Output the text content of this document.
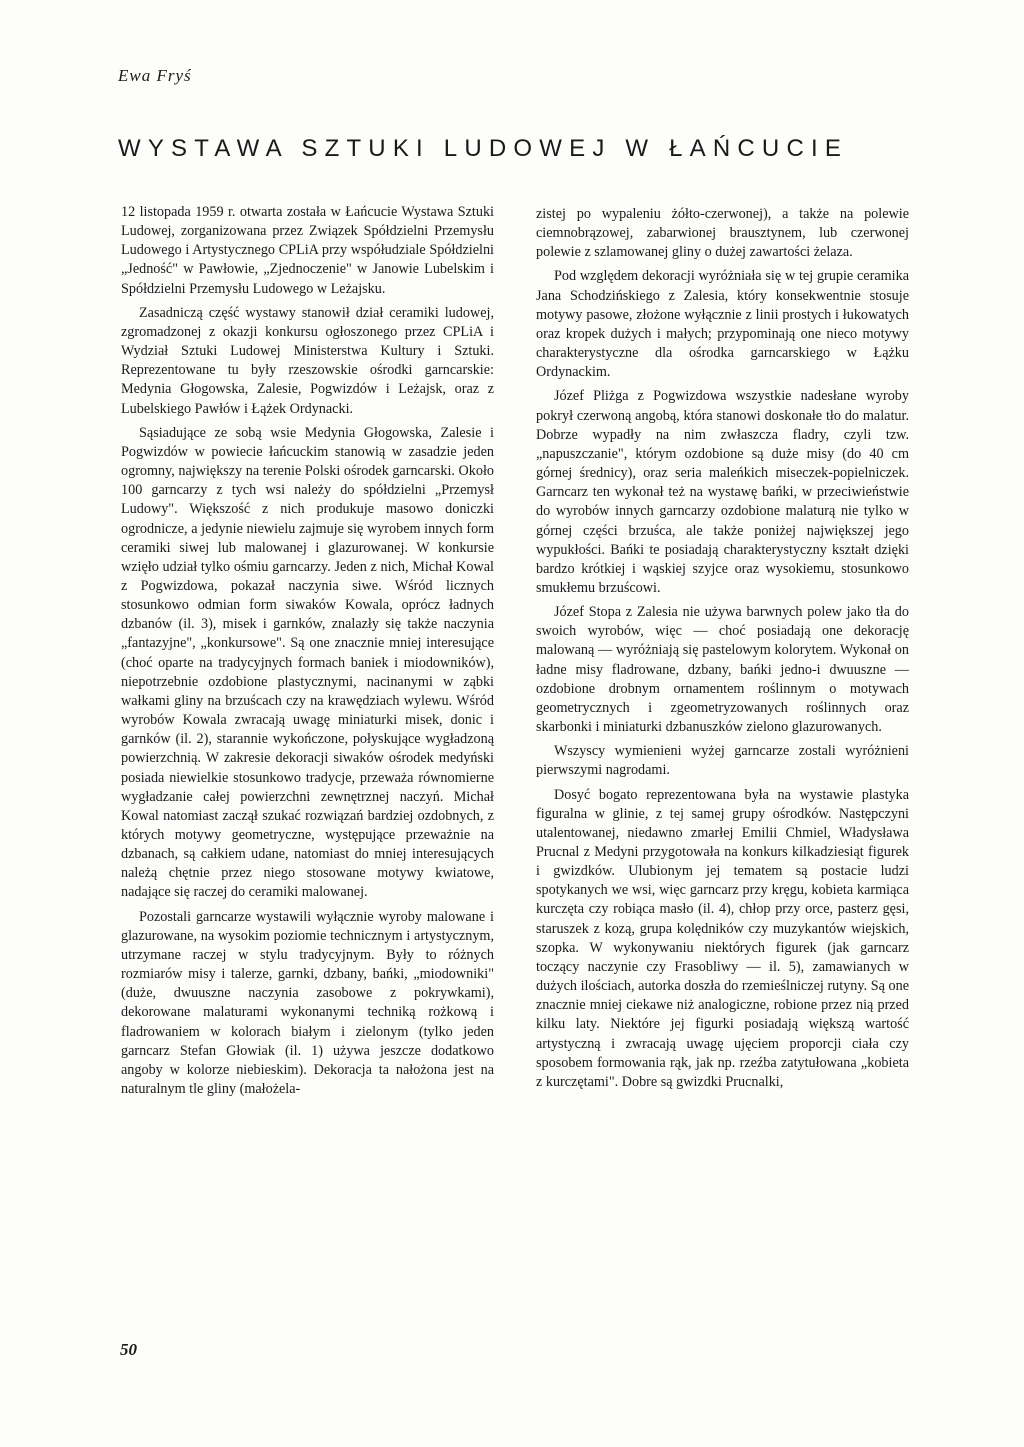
Ewa Fryś
WYSTAWA SZTUKI LUDOWEJ W ŁAŃCUCIE

12 listopada 1959 r. otwarta została w Łańcucie Wystawa Sztuki Ludowej, zorganizowana przez Związek Spółdzielni Przemysłu Ludowego i Artystycznego CPLiA przy współudziale Spółdzielni „Jedność" w Pawłowie, „Zjednoczenie" w Janowie Lubelskim i Spółdzielni Przemysłu Ludowego w Leżajsku.

Zasadniczą część wystawy stanowił dział ceramiki ludowej, zgromadzonej z okazji konkursu ogłoszonego przez CPLiA i Wydział Sztuki Ludowej Ministerstwa Kultury i Sztuki. Reprezentowane tu były rzeszowskie ośrodki garncarskie: Medynia Głogowska, Zalesie, Pogwizdów i Leżajsk, oraz z Lubelskiego Pawłów i Łążek Ordynacki.

Sąsiadujące ze sobą wsie Medynia Głogowska, Zalesie i Pogwizdów w powiecie łańcuckim stanowią w zasadzie jeden ogromny, największy na terenie Polski ośrodek garncarski. Około 100 garncarzy z tych wsi należy do spółdzielni „Przemysł Ludowy". Większość z nich produkuje masowo doniczki ogrodnicze, a jedynie niewielu zajmuje się wyrobem innych form ceramiki siwej lub malowanej i glazurowanej. W konkursie wzięło udział tylko ośmiu garncarzy. Jeden z nich, Michał Kowal z Pogwizdowa, pokazał naczynia siwe. Wśród licznych stosunkowo odmian form siwaków Kowala, oprócz ładnych dzbanów (il. 3), misek i garnków, znalazły się także naczynia „fantazyjne", „konkursowe". Są one znacznie mniej interesujące (choć oparte na tradycyjnych formach baniek i miodowników), niepotrzebnie ozdobione plastycznymi, nacinanymi w ząbki wałkami gliny na brzuścach czy na krawędziach wylewu. Wśród wyrobów Kowala zwracają uwagę miniaturki misek, donic i garnków (il. 2), starannie wykończone, połyskujące wygładzoną powierzchnią. W zakresie dekoracji siwaków ośrodek medyński posiada niewielkie stosunkowo tradycje, przeważa równomierne wygładzanie całej powierzchni zewnętrznej naczyń. Michał Kowal natomiast zaczął szukać rozwiązań bardziej ozdobnych, z których motywy geometryczne, występujące przeważnie na dzbanach, są całkiem udane, natomiast do mniej interesujących należą chętnie przez niego stosowane motywy kwiatowe, nadające się raczej do ceramiki malowanej.

Pozostali garncarze wystawili wyłącznie wyroby malowane i glazurowane, na wysokim poziomie technicznym i artystycznym, utrzymane raczej w stylu tradycyjnym. Były to różnych rozmiarów misy i talerze, garnki, dzbany, bańki, „miodowniki" (duże, dwuuszne naczynia zasobowe z pokrywkami), dekorowane malaturami wykonanymi techniką rożkową i fladrowaniem w kolorach białym i zielonym (tylko jeden garncarz Stefan Głowiak (il. 1) używa jeszcze dodatkowo angoby w kolorze niebieskim). Dekoracja ta nałożona jest na naturalnym tle gliny (małożela-

zistej po wypaleniu żółto-czerwonej), a także na polewie ciemnobrązowej, zabarwionej brausztynem, lub czerwonej polewie z szlamowanej gliny o dużej zawartości żelaza.

Pod względem dekoracji wyróżniała się w tej grupie ceramika Jana Schodzińskiego z Zalesia, który konsekwentnie stosuje motywy pasowe, złożone wyłącznie z linii prostych i łukowatych oraz kropek dużych i małych; przypominają one nieco motywy charakterystyczne dla ośrodka garncarskiego w Łążku Ordynackim.

Józef Pliżga z Pogwizdowa wszystkie nadesłane wyroby pokrył czerwoną angobą, która stanowi doskonałe tło do malatur. Dobrze wypadły na nim zwłaszcza fladry, czyli tzw. „napuszczanie", którym ozdobione są duże misy (do 40 cm górnej średnicy), oraz seria maleńkich miseczek-popielniczek. Garncarz ten wykonał też na wystawę bańki, w przeciwieństwie do wyrobów innych garncarzy ozdobione malaturą nie tylko w górnej części brzuśca, ale także poniżej największej jego wypukłości. Bańki te posiadają charakterystyczny kształt dzięki bardzo krótkiej i wąskiej szyjce oraz wysokiemu, stosunkowo smukłemu brzuścowi.

Józef Stopa z Zalesia nie używa barwnych polew jako tła do swoich wyrobów, więc — choć posiadają one dekorację malowaną — wyróżniają się pastelowym kolorytem. Wykonał on ładne misy fladrowane, dzbany, bańki jedno-i dwuuszne — ozdobione drobnym ornamentem roślinnym o motywach geometrycznych i zgeometryzowanych roślinnych oraz skarbonki i miniaturki dzbanuszków zielono glazurowanych.

Wszyscy wymienieni wyżej garncarze zostali wyróżnieni pierwszymi nagrodami.

Dosyć bogato reprezentowana była na wystawie plastyka figuralna w glinie, z tej samej grupy ośrodków. Następczyni utalentowanej, niedawno zmarłej Emilii Chmiel, Władysława Prucnal z Medyni przygotowała na konkurs kilkadziesiąt figurek i gwizdków. Ulubionym jej tematem są postacie ludzi spotykanych we wsi, więc garncarz przy kręgu, kobieta karmiąca kurczęta czy robiąca masło (il. 4), chłop przy orce, pasterz gęsi, staruszek z kozą, grupa kolędników czy muzykantów wiejskich, szopka. W wykonywaniu niektórych figurek (jak garncarz toczący naczynie czy Frasobliwy — il. 5), zamawianych w dużych ilościach, autorka doszła do rzemieślniczej rutyny. Są one znacznie mniej ciekawe niż analogiczne, robione przez nią przed kilku laty. Niektóre jej figurki posiadają większą wartość artystyczną i zwracają uwagę ujęciem proporcji ciała czy sposobem formowania rąk, jak np. rzeźba zatytułowana „kobieta z kurczętami". Dobre są gwizdki Prucnalki,

50
